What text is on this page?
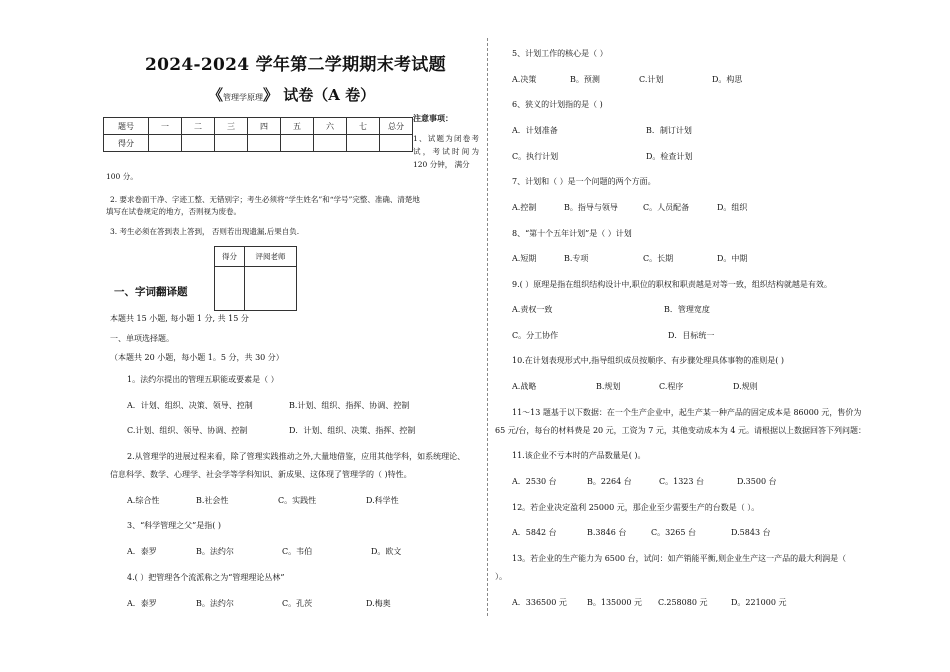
2024-2024 学年第二学期期末考试题
《管理学原理》 试卷（A 卷）
题号	一	二	三	四	五	六	七	总分
得分								
注意事项：
1、试题为闭卷考试，考试时间为 120 分钟， 满分
100 分。
2. 要求卷面干净、字迹工整、无错别字；考生必须将“学生姓名”和“学号”完整、准确、清楚地
填写在试卷规定的地方，否则视为废卷。
3. 考生必须在答到表上答到， 否则若出现遗漏,后果自负.
得分	评阅老师

一、字词翻译题
本题共 15 小题, 每小题 1 分, 共 15 分
一、单项选择题。
（本题共 20 小题，每小题 1。5 分，共 30 分）
1。法约尔提出的管理五职能或要素是（ ）
A．计划、组织、决策、领导、控制	B.计划、组织、指挥、协调、控制
C.计划、组织、领导、协调、控制	D．计划、组织、决策、指挥、控制
2.从管理学的进展过程来看，除了管理实践推动之外,大量地借鉴，应用其他学科，如系统理论、
信息科学、数学、心理学、社会学等学科知识、新成果、这体现了管理学的（ )特性。
A.综合性	B.社会性	C。实践性	D.科学性
3、“科学管理之父”是指( )
A．泰罗	B。法约尔	C。韦伯	D。欧文
4.( ）把管理各个流派称之为“管理理论丛林”
A．泰罗	B。法约尔	C。孔茨	D.梅奥
5、计划工作的核心是（ ）
A.决策	B。预测	C.计划	D。构思
6、狭义的计划指的是（ )
A．计划准备	B．制订计划
C。执行计划	D。检查计划
7、计划和（ ）是一个问题的两个方面。
A.控制	B。指导与领导	C。人员配备	D。组织
8、“第十个五年计划”是（ ）计划
A.短期	B.专项	C。长期	D。中期
9.( ）原理是指在组织结构设计中,职位的职权和职责越是对等一致，组织结构就越是有效。
A.责权一致	B．管理宽度
C。分工协作	D．目标统一
10.在计划表现形式中,指导组织成员按顺序、有步骤处理具体事物的准则是( )
A.战略	B.规划	C.程序	D.规则
11～13 题基于以下数据：在一个生产企业中，起生产某一种产品的固定成本是 86000 元，售价为
65 元/台，每台的材料费是 20 元，工资为 7 元，其他变动成本为 4 元。请根据以上数据回答下列问题：
11.该企业不亏本时的产品数量是( )。
A．2530 台	B。2264 台	C。1323 台	D.3500 台
12。若企业决定盈利 25000 元，那企业至少需要生产的台数是（ ）。
A．5842 台	B.3846 台	C。3265 台	D.5843 台
13。若企业的生产能力为 6500 台，试问：如产销能平衡,则企业生产这一产品的最大利润是（
）。
A．336500 元	B。135000 元 C.258080 元	D。221000 元
